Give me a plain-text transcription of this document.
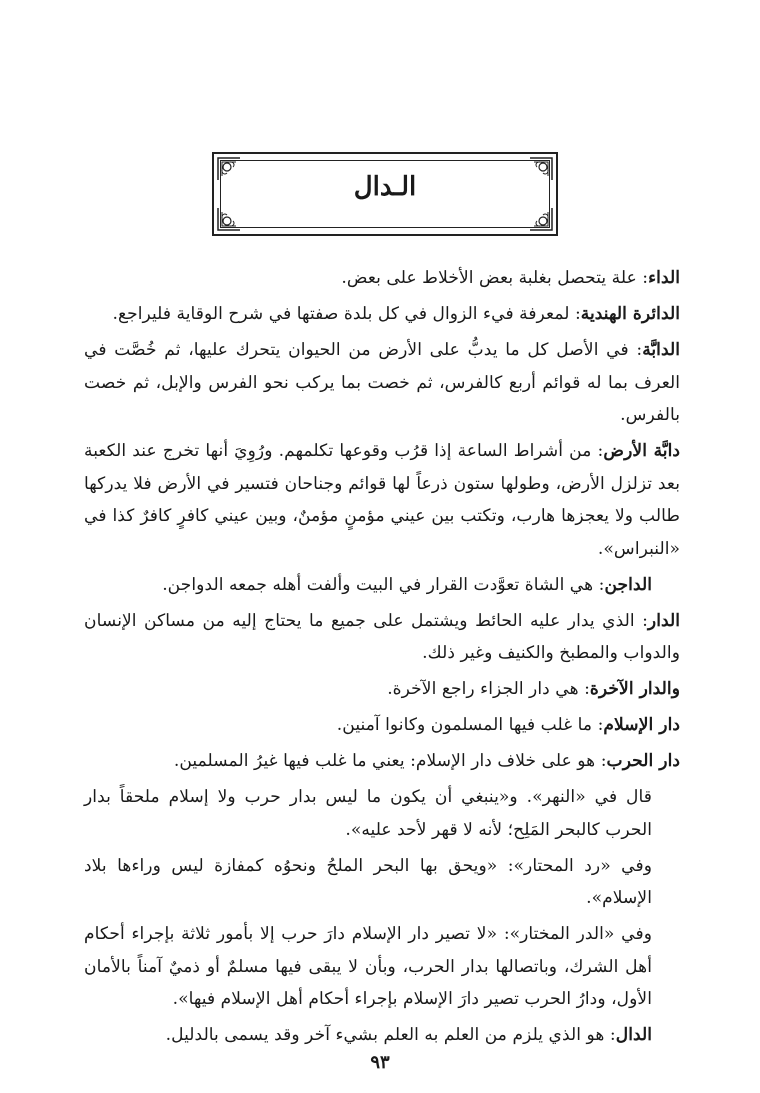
الـدال

الداء: علة يتحصل بغلبة بعض الأخلاط على بعض.

الدائرة الهندية: لمعرفة فيء الزوال في كل بلدة صفتها في شرح الوقاية فليراجع.

الدابَّة: في الأصل كل ما يدبُّ على الأرض من الحيوان يتحرك عليها، ثم خُصَّت في العرف بما له قوائم أربع كالفرس، ثم خصت بما يركب نحو الفرس والإبل، ثم خصت بالفرس.

دابَّة الأرض: من أشراط الساعة إذا قرُب وقوعها تكلمهم. ورُوِيَ أنها تخرج عند الكعبة بعد تزلزل الأرض، وطولها ستون ذرعاً لها قوائم وجناحان فتسير في الأرض فلا يدركها طالب ولا يعجزها هارب، وتكتب بين عيني مؤمنٍ مؤمنٌ، وبين عيني كافرٍ كافرٌ كذا في «النبراس».

الداجن: هي الشاة تعوَّدت القرار في البيت وألفت أهله جمعه الدواجن.

الدار: الذي يدار عليه الحائط ويشتمل على جميع ما يحتاج إليه من مساكن الإنسان والدواب والمطبخ والكنيف وغير ذلك.

والدار الآخرة: هي دار الجزاء راجع الآخرة.

دار الإسلام: ما غلب فيها المسلمون وكانوا آمنين.

دار الحرب: هو على خلاف دار الإسلام: يعني ما غلب فيها غيرُ المسلمين.

قال في «النهر». و«ينبغي أن يكون ما ليس بدار حرب ولا إسلام ملحقاً بدار الحرب كالبحر المَلِح؛ لأنه لا قهر لأحد عليه».

وفي «رد المحتار»: «ويحق بها البحر الملحُ ونحوُه كمفازة ليس وراءها بلاد الإسلام».

وفي «الدر المختار»: «لا تصير دار الإسلام دارَ حرب إلا بأمور ثلاثة بإجراء أحكام أهل الشرك، وباتصالها بدار الحرب، وبأن لا يبقى فيها مسلمٌ أو ذميٌ آمناً بالأمان الأول، ودارُ الحرب تصير دارَ الإسلام بإجراء أحكام أهل الإسلام فيها».

الدال: هو الذي يلزم من العلم به العلم بشيء آخر وقد يسمى بالدليل.

٩٣
